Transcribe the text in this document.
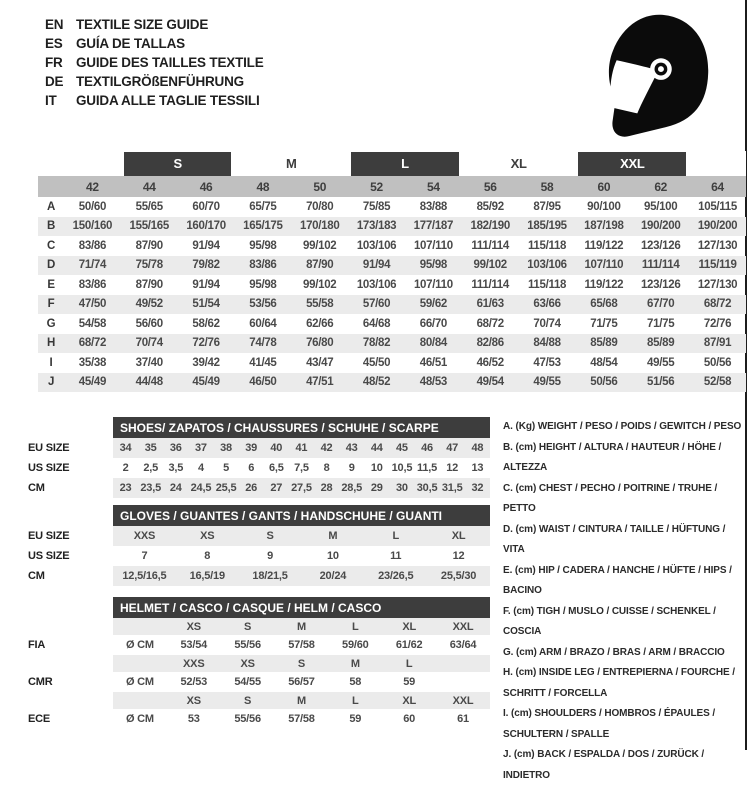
EN TEXTILE SIZE GUIDE
ES GUÍA DE TALLAS
FR GUIDE DES TAILLES TEXTILE
DE TEXTILGRÖßENFÜHRUNG
IT	GUIDA ALLE TAGLIE TESSILI

		S		M		L		XL		XXL		

	42	44	46	48	50	52	54	56	58	60	62	64
A	50/60	55/65	60/70	65/75	70/80	75/85	83/88	85/92	87/95	90/100	95/100	105/115
B	150/160	155/165	160/170	165/175	170/180	173/183	177/187	182/190	185/195	187/198	190/200	190/200
C	83/86	87/90	91/94	95/98	99/102	103/106	107/110	111/114	115/118	119/122	123/126	127/130
D	71/74	75/78	79/82	83/86	87/90	91/94	95/98	99/102	103/106	107/110	111/114	115/119
E	83/86	87/90	91/94	95/98	99/102	103/106	107/110	111/114	115/118	119/122	123/126	127/130
F	47/50	49/52	51/54	53/56	55/58	57/60	59/62	61/63	63/66	65/68	67/70	68/72
G	54/58	56/60	58/62	60/64	62/66	64/68	66/70	68/72	70/74	71/75	71/75	72/76
H	68/72	70/74	72/76	74/78	76/80	78/82	80/84	82/86	84/88	85/89	85/89	87/91
I	35/38	37/40	39/42	41/45	43/47	45/50	46/51	46/52	47/53	48/54	49/55	50/56
J	45/49	44/48	45/49	46/50	47/51	48/52	48/53	49/54	49/55	50/56	51/56	52/58
	SHOES/ ZAPATOS / CHAUSSURES / SCHUHE / SCARPE														
EU SIZE	34	35	36	37	38	39	40	41	42	43	44	45	46	47	48
US SIZE	2	2,5	3,5	4	5	6	6,5	7,5	8	9	10	10,5	11,5	12	13
CM	23	23,5	24	24,5	25,5	26	27	27,5	28	28,5	29	30	30,5	31,5	32
	GLOVES / GUANTES / GANTS / HANDSCHUHE / GUANTI					
EU SIZE	XXS	XS	S	M	L	XL
US SIZE	7	8	9	10	11	12
CM	12,5/16,5	16,5/19	18/21,5	20/24	23/26,5	25,5/30
	HELMET / CASCO / CASQUE / HELM / CASCO						
		XS	S	M	L	XL	XXL
FIA	Ø CM	53/54	55/56	57/58	59/60	61/62	63/64
		XXS	XS	S	M	L	
CMR	Ø CM	52/53	54/55	56/57	58	59	
		XS	S	M	L	XL	XXL
ECE	Ø CM	53	55/56	57/58	59	60	61
A. (Kg) WEIGHT / PESO / POIDS / GEWITCH / PESO
B. (cm) HEIGHT / ALTURA / HAUTEUR / HÖHE / ALTEZZA
C. (cm) CHEST / PECHO / POITRINE / TRUHE / PETTO
D. (cm) WAIST / CINTURA / TAILLE / HÜFTUNG / VITA
E. (cm) HIP / CADERA / HANCHE / HÜFTE / HIPS / BACINO
F. (cm) TIGH / MUSLO / CUISSE / SCHENKEL / COSCIA
G. (cm) ARM / BRAZO / BRAS / ARM / BRACCIO
H. (cm) INSIDE LEG / ENTREPIERNA / FOURCHE / SCHRITT / FORCELLA
I. (cm) SHOULDERS / HOMBROS / ÉPAULES / SCHULTERN / SPALLE
J. (cm) BACK / ESPALDA / DOS / ZURÜCK / INDIETRO
